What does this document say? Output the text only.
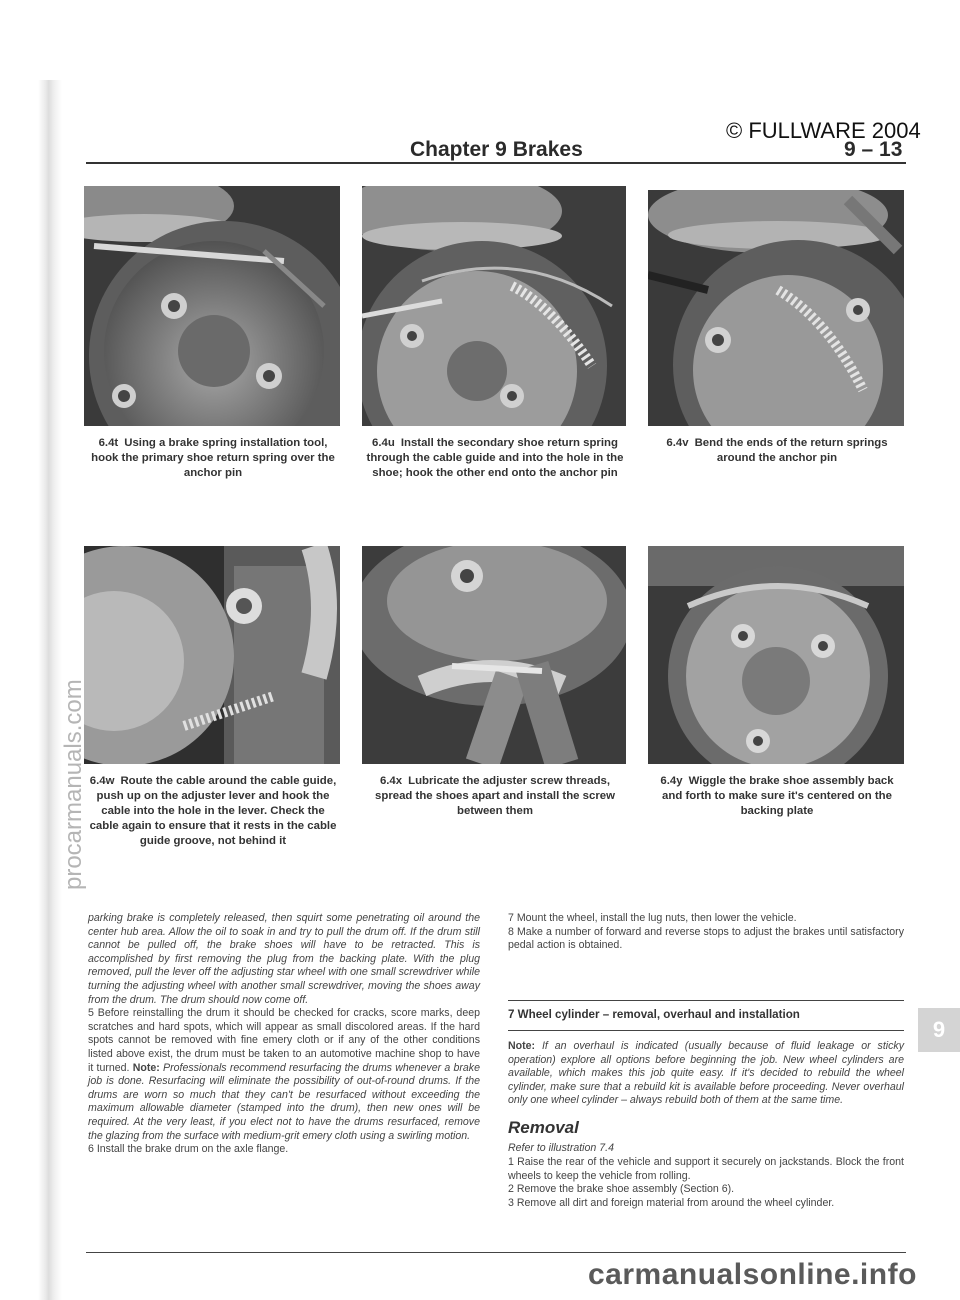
© FULLWARE 2004
Chapter 9 Brakes	9 – 13
6.4t Using a brake spring installation tool, hook the primary shoe return spring over the anchor pin
6.4u Install the secondary shoe return spring through the cable guide and into the hole in the shoe; hook the other end onto the anchor pin
6.4v Bend the ends of the return springs around the anchor pin
6.4w Route the cable around the cable guide, push up on the adjuster lever and hook the cable into the hole in the lever. Check the cable again to ensure that it rests in the cable guide groove, not behind it
6.4x Lubricate the adjuster screw threads, spread the shoes apart and install the screw between them
6.4y Wiggle the brake shoe assembly back and forth to make sure it's centered on the backing plate

parking brake is completely released, then squirt some penetrating oil around the center hub area. Allow the oil to soak in and try to pull the drum off. If the drum still cannot be pulled off, the brake shoes will have to be retracted. This is accomplished by first removing the plug from the backing plate. With the plug removed, pull the lever off the adjusting star wheel with one small screwdriver while turning the adjusting wheel with another small screwdriver, moving the shoes away from the drum. The drum should now come off.

5 Before reinstalling the drum it should be checked for cracks, score marks, deep scratches and hard spots, which will appear as small discolored areas. If the hard spots cannot be removed with fine emery cloth or if any of the other conditions listed above exist, the drum must be taken to an automotive machine shop to have it turned. Note: Professionals recommend resurfacing the drums whenever a brake job is done. Resurfacing will eliminate the possibility of out-of-round drums. If the drums are worn so much that they can't be resurfaced without exceeding the maximum allowable diameter (stamped into the drum), then new ones will be required. At the very least, if you elect not to have the drums resurfaced, remove the glazing from the surface with medium-grit emery cloth using a swirling motion.

6 Install the brake drum on the axle flange.

7 Mount the wheel, install the lug nuts, then lower the vehicle.

8 Make a number of forward and reverse stops to adjust the brakes until satisfactory pedal action is obtained.

7 Wheel cylinder – removal, overhaul and installation

Note: If an overhaul is indicated (usually because of fluid leakage or sticky operation) explore all options before beginning the job. New wheel cylinders are available, which makes this job quite easy. If it's decided to rebuild the wheel cylinder, make sure that a rebuild kit is available before proceeding. Never overhaul only one wheel cylinder – always rebuild both of them at the same time.

Removal
Refer to illustration 7.4

1 Raise the rear of the vehicle and support it securely on jackstands. Block the front wheels to keep the vehicle from rolling.

2 Remove the brake shoe assembly (Section 6).

3 Remove all dirt and foreign material from around the wheel cylinder.

9
procarmanuals.com
carmanualsonline.info
